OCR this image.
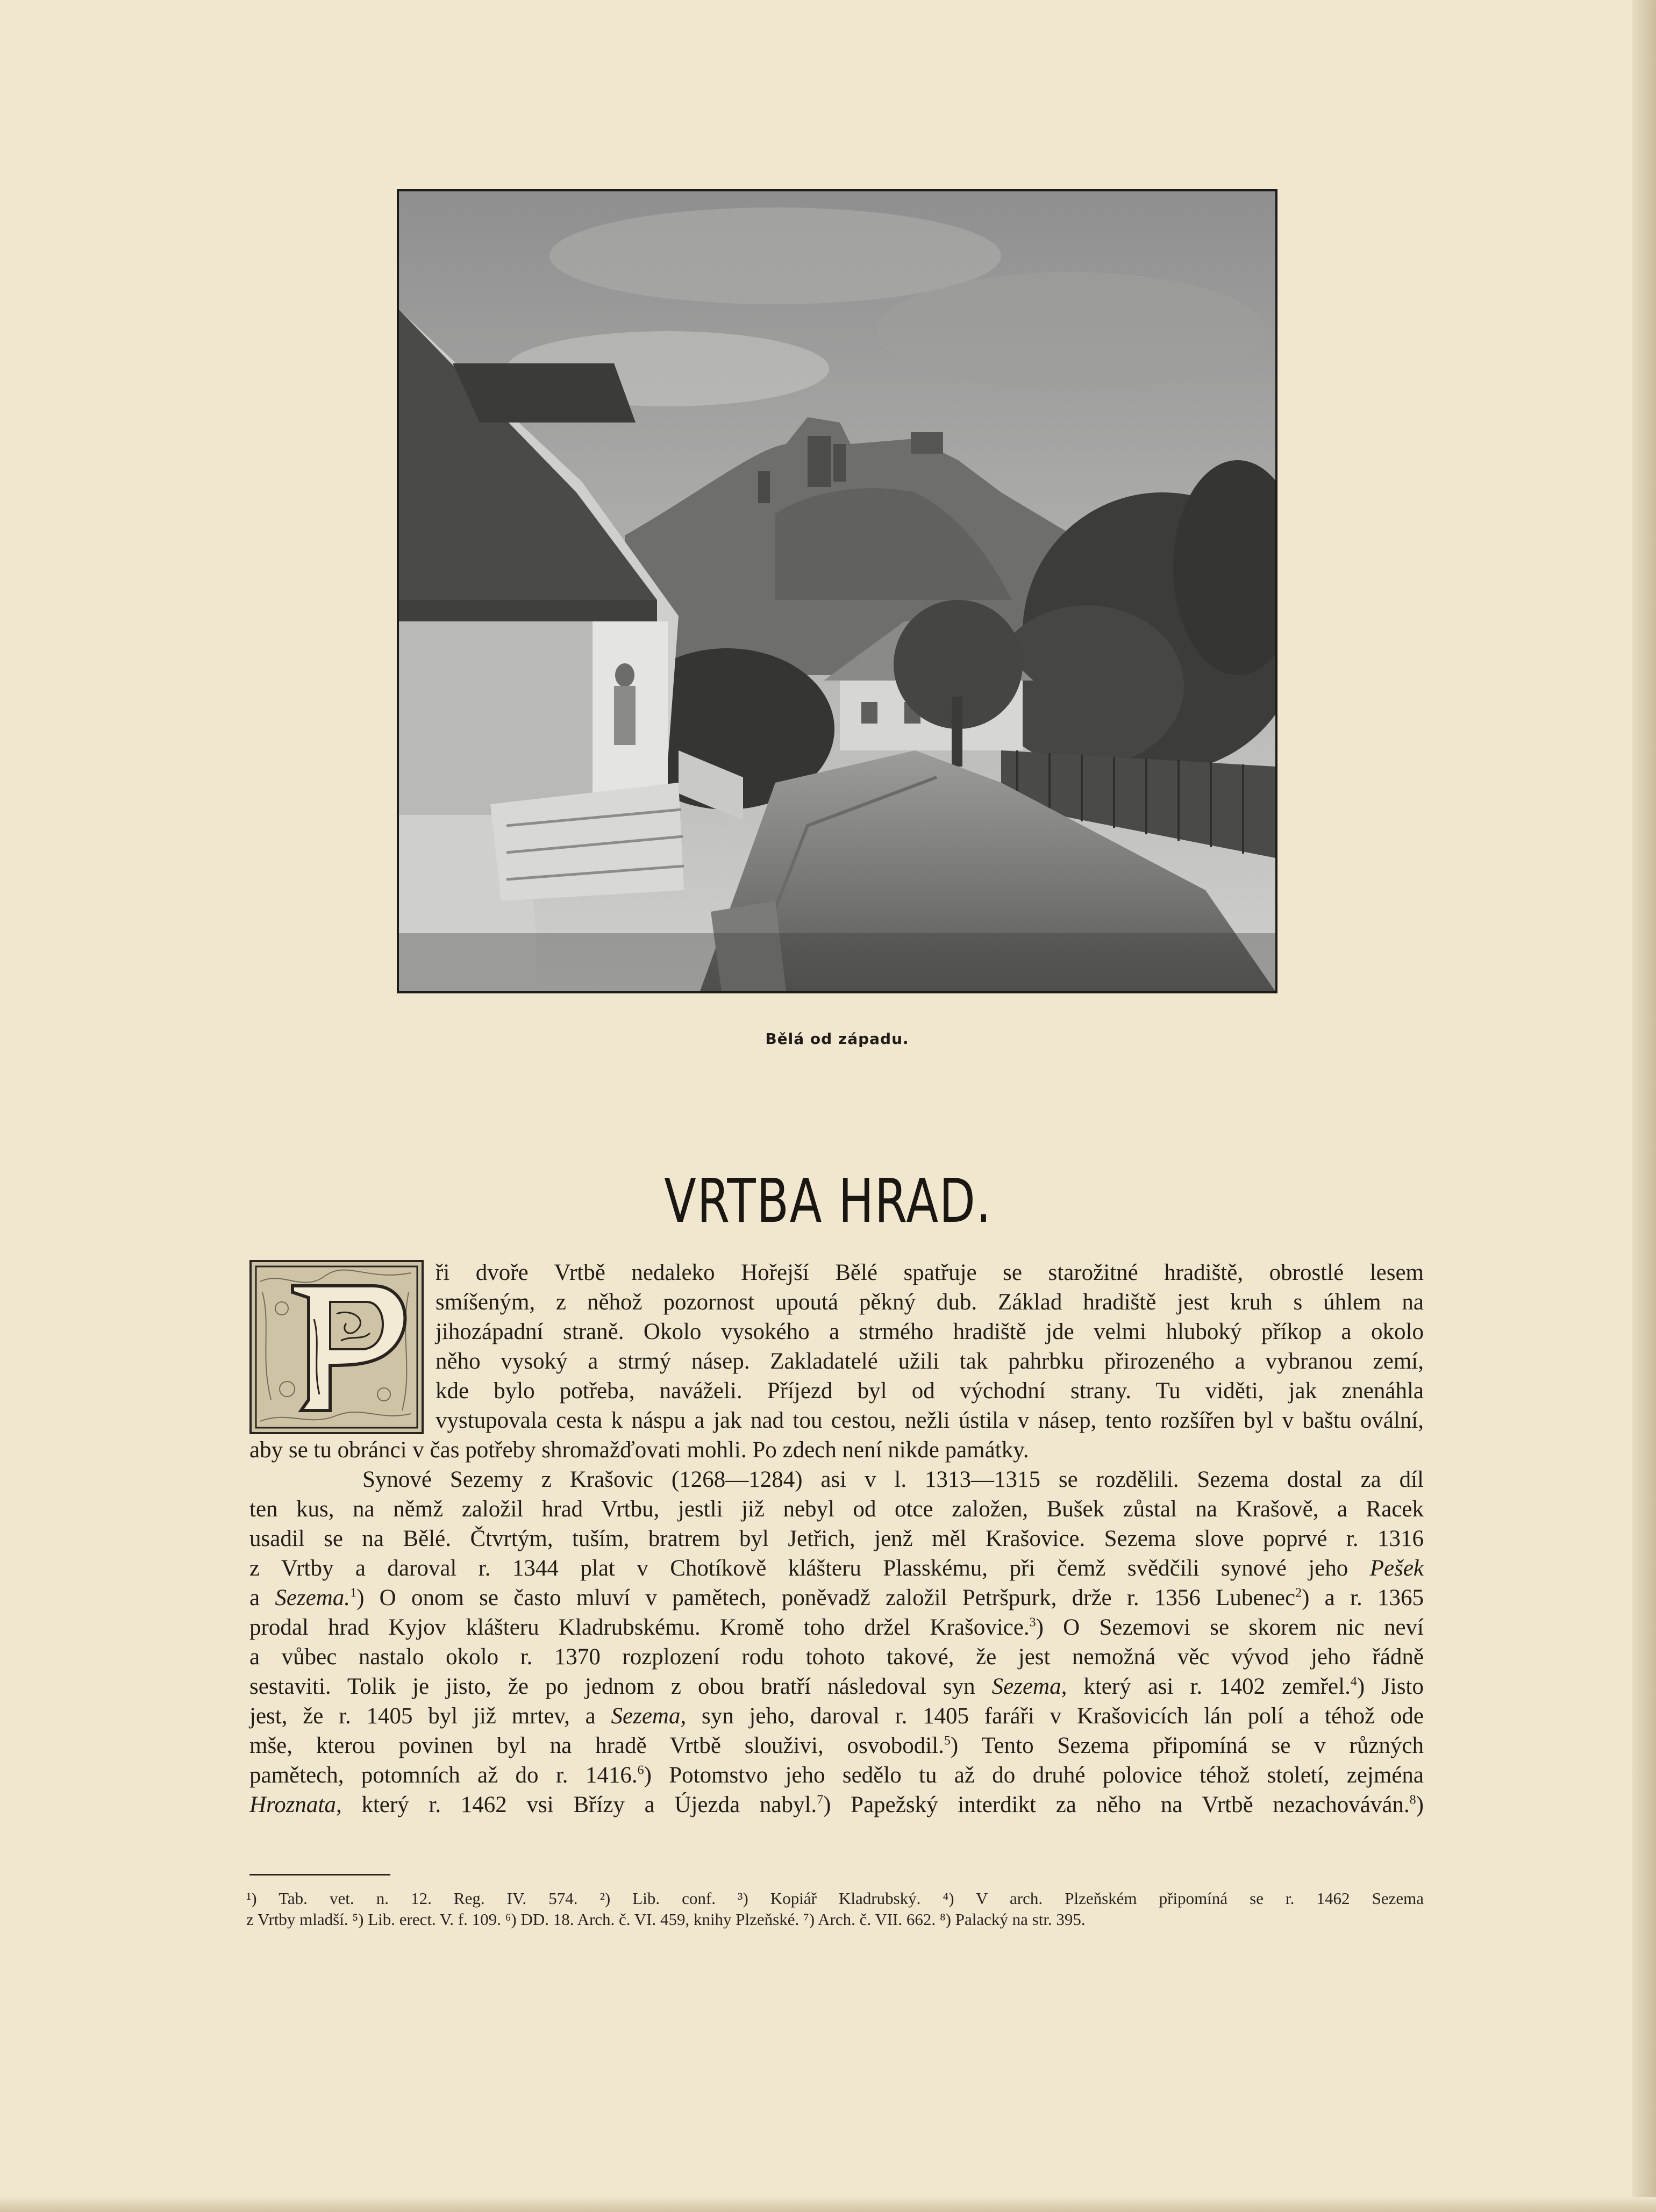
Bělá od západu.
VRTBA HRAD.
ři dvoře Vrtbě nedaleko Hořejší Bělé spatřuje se starožitné hradiště, obrostlé lesem
smíšeným, z něhož pozornost upoutá pěkný dub. Základ hradiště jest kruh s úhlem na
jihozápadní straně. Okolo vysokého a strmého hradiště jde velmi hluboký příkop a okolo
něho vysoký a strmý násep. Zakladatelé užili tak pahrbku přirozeného a vybranou zemí,
kde bylo potřeba, naváželi. Příjezd byl od východní strany. Tu viděti, jak znenáhla
vystupovala cesta k náspu a jak nad tou cestou, nežli ústila v násep, tento rozšířen byl v baštu ovální,
aby se tu obránci v čas potřeby shromažďovati mohli. Po zdech není nikde památky.
Synové Sezemy z Krašovic (1268—1284) asi v l. 1313—1315 se rozdělili. Sezema dostal za díl
ten kus, na němž založil hrad Vrtbu, jestli již nebyl od otce založen, Bušek zůstal na Krašově, a Racek
usadil se na Bělé. Čtvrtým, tuším, bratrem byl Jetřich, jenž měl Krašovice. Sezema slove poprvé r. 1316
z Vrtby a daroval r. 1344 plat v Chotíkově klášteru Plasskému, při čemž svědčili synové jeho Pešek
a Sezema.$^1$) O onom se často mluví v pamětech, poněvadž založil Petršpurk, drže r. 1356 Lubenec$^2$) a r. 1365
prodal hrad Kyjov klášteru Kladrubskému. Kromě toho držel Krašovice.$^3$) O Sezemovi se skorem nic neví
a vůbec nastalo okolo r. 1370 rozplození rodu tohoto takové, že jest nemožná věc vývod jeho řádně
sestaviti. Tolik je jisto, že po jednom z obou bratří následoval syn Sezema, který asi r. 1402 zemřel.$^4$) Jisto
jest, že r. 1405 byl již mrtev, a Sezema, syn jeho, daroval r. 1405 faráři v Krašovicích lán polí a téhož ode
mše, kterou povinen byl na hradě Vrtbě slouživi, osvobodil.$^5$) Tento Sezema připomíná se v různých
pamětech, potomních až do r. 1416.$^6$) Potomstvo jeho sedělo tu až do druhé polovice téhož století, zejména
Hroznata, který r. 1462 vsi Břízy a Újezda nabyl.$^7$) Papežský interdikt za něho na Vrtbě nezachováván.$^8$)
¹) Tab. vet. n. 12. Reg. IV. 574. ²) Lib. conf. ³) Kopiář Kladrubský. ⁴) V arch. Plzeňském připomíná se r. 1462 Sezema
z Vrtby mladší. ⁵) Lib. erect. V. f. 109. ⁶) DD. 18. Arch. č. VI. 459, knihy Plzeňské. ⁷) Arch. č. VII. 662. ⁸) Palacký na str. 395.
